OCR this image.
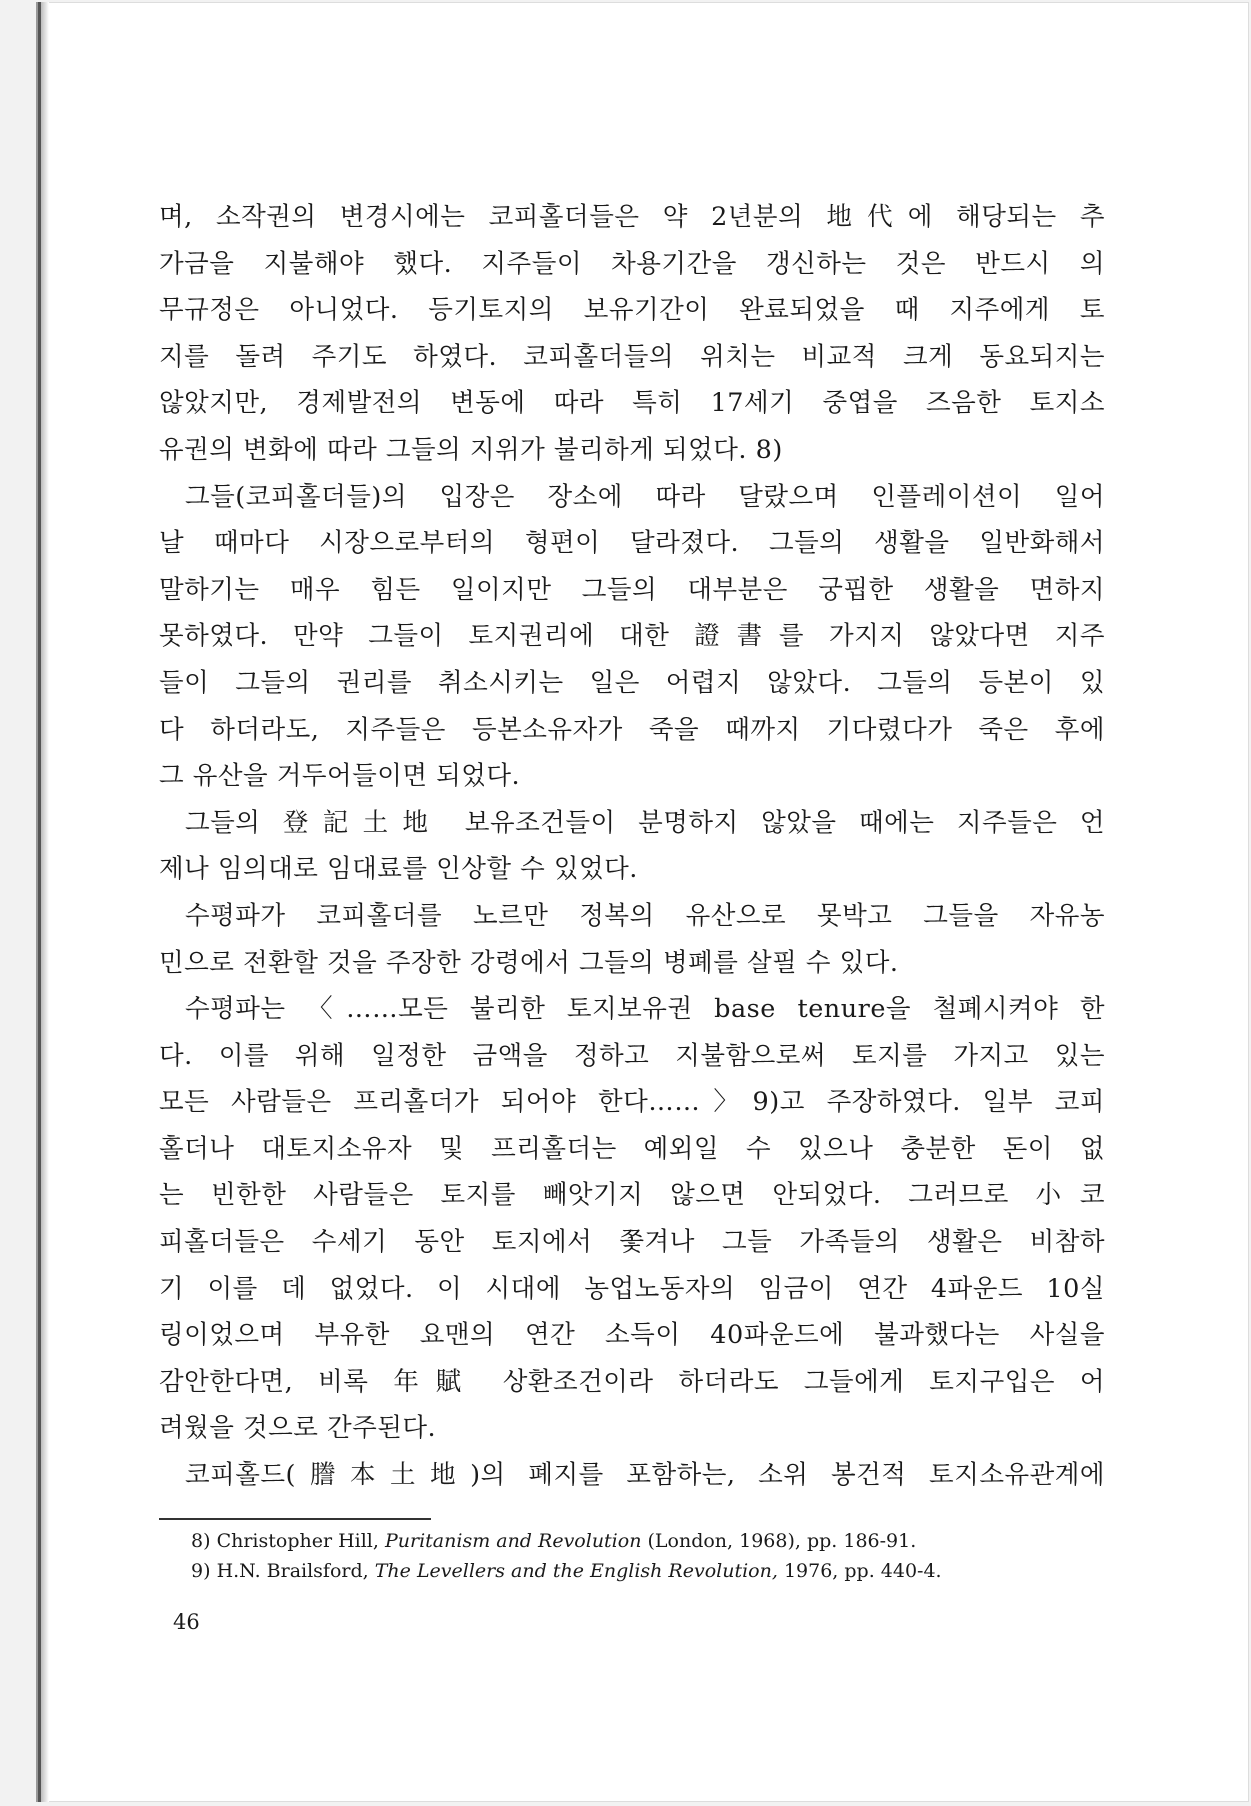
며, 소작권의 변경시에는 코피홀더들은 약 2년분의 地代에 해당되는 추
가금을 지불해야 했다. 지주들이 차용기간을 갱신하는 것은 반드시 의
무규정은 아니었다. 등기토지의 보유기간이 완료되었을 때 지주에게 토
지를 돌려 주기도 하였다. 코피홀더들의 위치는 비교적 크게 동요되지는
않았지만, 경제발전의 변동에 따라 특히 17세기 중엽을 즈음한 토지소
유권의 변화에 따라 그들의 지위가 불리하게 되었다. 8)
그들(코피홀더들)의 입장은 장소에 따라 달랐으며 인플레이션이 일어
날 때마다 시장으로부터의 형편이 달라졌다. 그들의 생활을 일반화해서
말하기는 매우 힘든 일이지만 그들의 대부분은 궁핍한 생활을 면하지
못하였다. 만약 그들이 토지권리에 대한 證書를 가지지 않았다면 지주
들이 그들의 권리를 취소시키는 일은 어렵지 않았다. 그들의 등본이 있
다 하더라도, 지주들은 등본소유자가 죽을 때까지 기다렸다가 죽은 후에
그 유산을 거두어들이면 되었다.
그들의 登記土地 보유조건들이 분명하지 않았을 때에는 지주들은 언
제나 임의대로 임대료를 인상할 수 있었다.
수평파가 코피홀더를 노르만 정복의 유산으로 못박고 그들을 자유농
민으로 전환할 것을 주장한 강령에서 그들의 병폐를 살필 수 있다.
수평파는 〈……모든 불리한 토지보유권 base tenure을 철폐시켜야 한
다. 이를 위해 일정한 금액을 정하고 지불함으로써 토지를 가지고 있는
모든 사람들은 프리홀더가 되어야 한다……〉9)고 주장하였다. 일부 코피
홀더나 대토지소유자 및 프리홀더는 예외일 수 있으나 충분한 돈이 없
는 빈한한 사람들은 토지를 빼앗기지 않으면 안되었다. 그러므로 小코
피홀더들은 수세기 동안 토지에서 쫓겨나 그들 가족들의 생활은 비참하
기 이를 데 없었다. 이 시대에 농업노동자의 임금이 연간 4파운드 10실
링이었으며 부유한 요맨의 연간 소득이 40파운드에 불과했다는 사실을
감안한다면, 비록 年賦 상환조건이라 하더라도 그들에게 토지구입은 어
려웠을 것으로 간주된다.
코피홀드(謄本土地)의 폐지를 포함하는, 소위 봉건적 토지소유관계에
8) Christopher Hill, Puritanism and Revolution (London, 1968), pp. 186-91.
9) H.N. Brailsford, The Levellers and the English Revolution, 1976, pp. 440-4.
46
